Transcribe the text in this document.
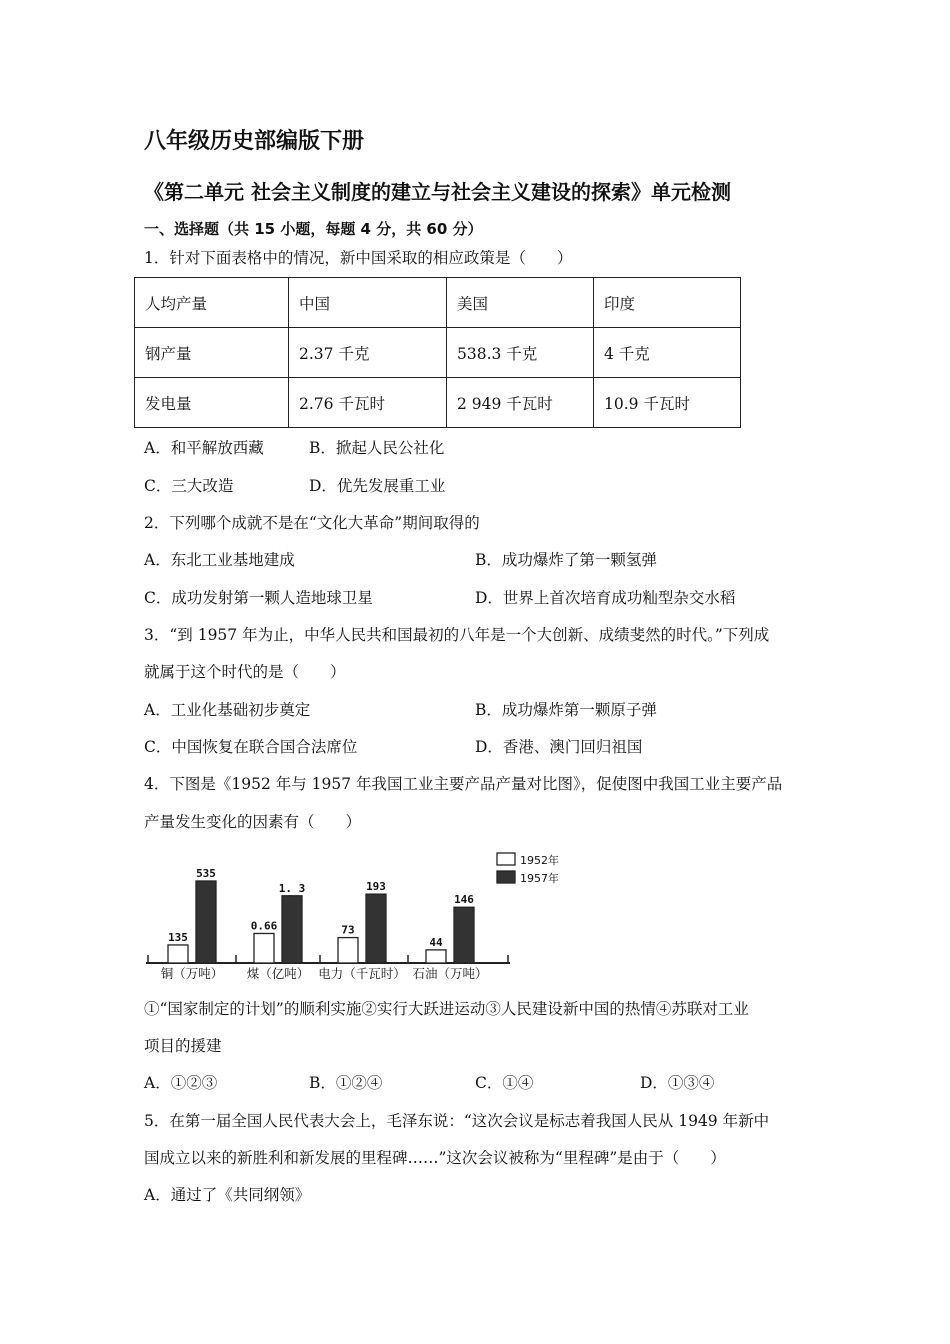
八年级历史部编版下册
《第二单元 社会主义制度的建立与社会主义建设的探索》单元检测
一、选择题（共 15 小题，每题 4 分，共 60 分）
1．针对下面表格中的情况，新中国采取的相应政策是（　　）
人均产量	中国	美国	印度
钢产量	2.37 千克	538.3 千克	4 千克
发电量	2.76 千瓦时	2 949 千瓦时	10.9 千瓦时
A．和平解放西藏	B．掀起人民公社化
C．三大改造	D．优先发展重工业
2．下列哪个成就不是在“文化大革命”期间取得的
A．东北工业基地建成	B．成功爆炸了第一颗氢弹
C．成功发射第一颗人造地球卫星	D．世界上首次培育成功籼型杂交水稻
3．“到 1957 年为止，中华人民共和国最初的八年是一个大创新、成绩斐然的时代。”下列成
就属于这个时代的是（　　）
A．工业化基础初步奠定	B．成功爆炸第一颗原子弹
C．中国恢复在联合国合法席位	D．香港、澳门回归祖国
4．下图是《1952 年与 1957 年我国工业主要产品产量对比图》，促使图中我国工业主要产品
产量发生变化的因素有（　　）
135
535
铜（万吨）
0.66
1. 3
煤（亿吨）
73
193
电力（千瓦时）
44
146
石油（万吨）
1952年
1957年
①“国家制定的计划”的顺利实施②实行大跃进运动③人民建设新中国的热情④苏联对工业
项目的援建
A．①②③	B．①②④	C．①④	D．①③④
5．在第一届全国人民代表大会上，毛泽东说：“这次会议是标志着我国人民从 1949 年新中
国成立以来的新胜利和新发展的里程碑……”这次会议被称为“里程碑”是由于（　　）
A．通过了《共同纲领》
